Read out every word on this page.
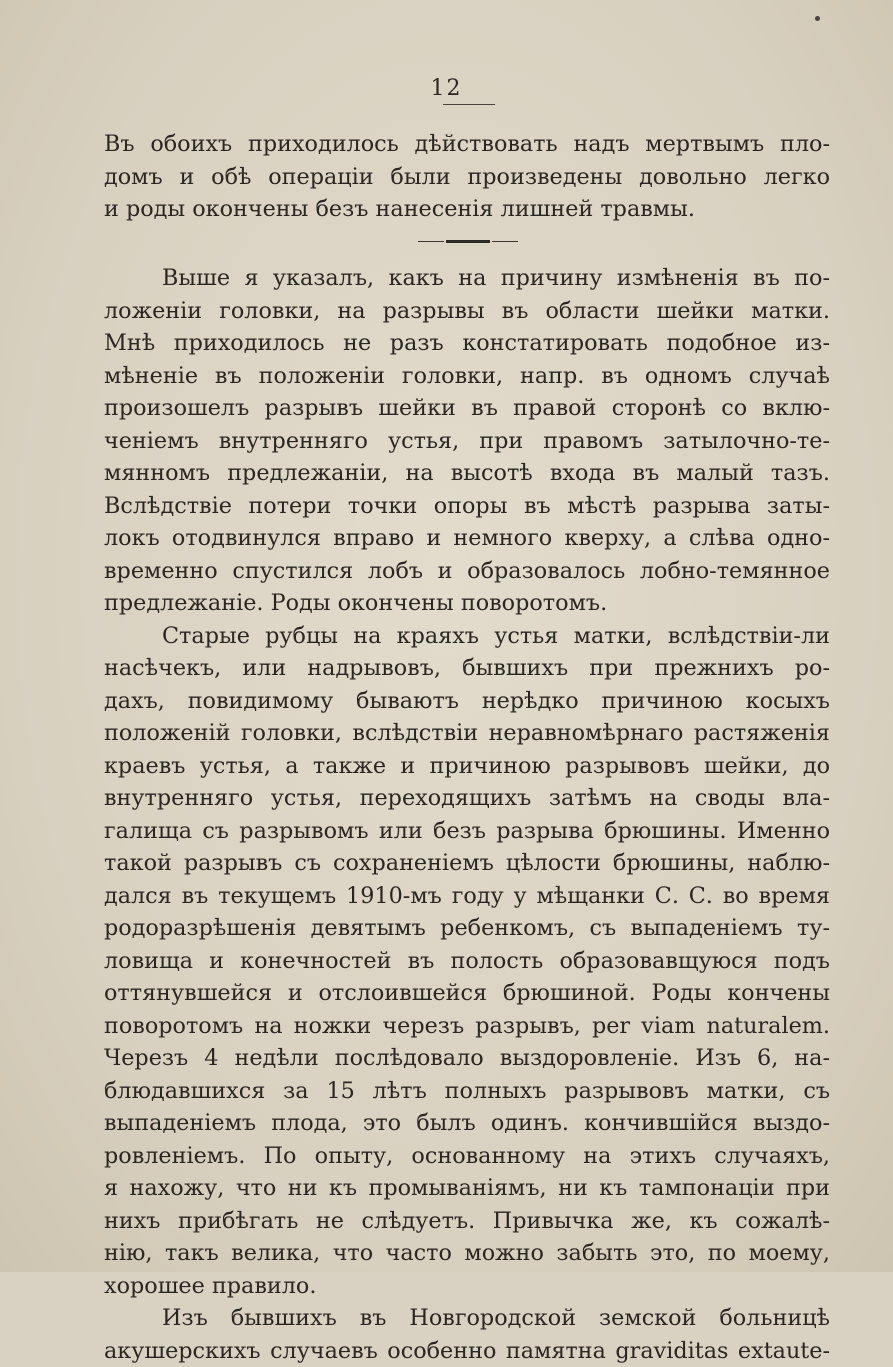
12
Въ обоихъ приходилось дѣйствовать надъ мертвымъ пло-
домъ и обѣ операціи были произведены довольно легко
и роды окончены безъ нанесенія лишней травмы.
Выше я указалъ, какъ на причину измѣненія въ по-
ложеніи головки, на разрывы въ области шейки матки.
Мнѣ приходилось не разъ констатировать подобное из-
мѣненіе въ положеніи головки, напр. въ одномъ случаѣ
произошелъ разрывъ шейки въ правой сторонѣ со вклю-
ченіемъ внутренняго устья, при правомъ затылочно-те-
мянномъ предлежаніи, на высотѣ входа въ малый тазъ.
Вслѣдствіе потери точки опоры въ мѣстѣ разрыва заты-
локъ отодвинулся вправо и немного кверху, а слѣва одно-
временно спустился лобъ и образовалось лобно-темянное
предлежаніе. Роды окончены поворотомъ.
Старые рубцы на краяхъ устья матки, вслѣдствіи-ли
насѣчекъ, или надрывовъ, бывшихъ при прежнихъ ро-
дахъ, повидимому бываютъ нерѣдко причиною косыхъ
положеній головки, вслѣдствіи неравномѣрнаго растяженія
краевъ устья, а также и причиною разрывовъ шейки, до
внутренняго устья, переходящихъ затѣмъ на своды вла-
галища съ разрывомъ или безъ разрыва брюшины. Именно
такой разрывъ съ сохраненіемъ цѣлости брюшины, наблю-
дался въ текущемъ 1910-мъ году у мѣщанки С. С. во время
родоразрѣшенія девятымъ ребенкомъ, съ выпаденіемъ ту-
ловища и конечностей въ полость образовавщуюся подъ
оттянувшейся и отслоившейся брюшиной. Роды кончены
поворотомъ на ножки черезъ разрывъ, per viam naturalem.
Черезъ 4 недѣли послѣдовало выздоровленіе. Изъ 6, на-
блюдавшихся за 15 лѣтъ полныхъ разрывовъ матки, съ
выпаденіемъ плода, это былъ одинъ. кончившійся выздо-
ровленіемъ. По опыту, основанному на этихъ случаяхъ,
я нахожу, что ни къ промываніямъ, ни къ тампонаціи при
нихъ прибѣгать не слѣдуетъ. Привычка же, къ сожалѣ-
нію, такъ велика, что часто можно забыть это, по моему,
хорошее правило.
Изъ бывшихъ въ Новгородской земской больницѣ
акушерскихъ случаевъ особенно памятна graviditas extaute-
